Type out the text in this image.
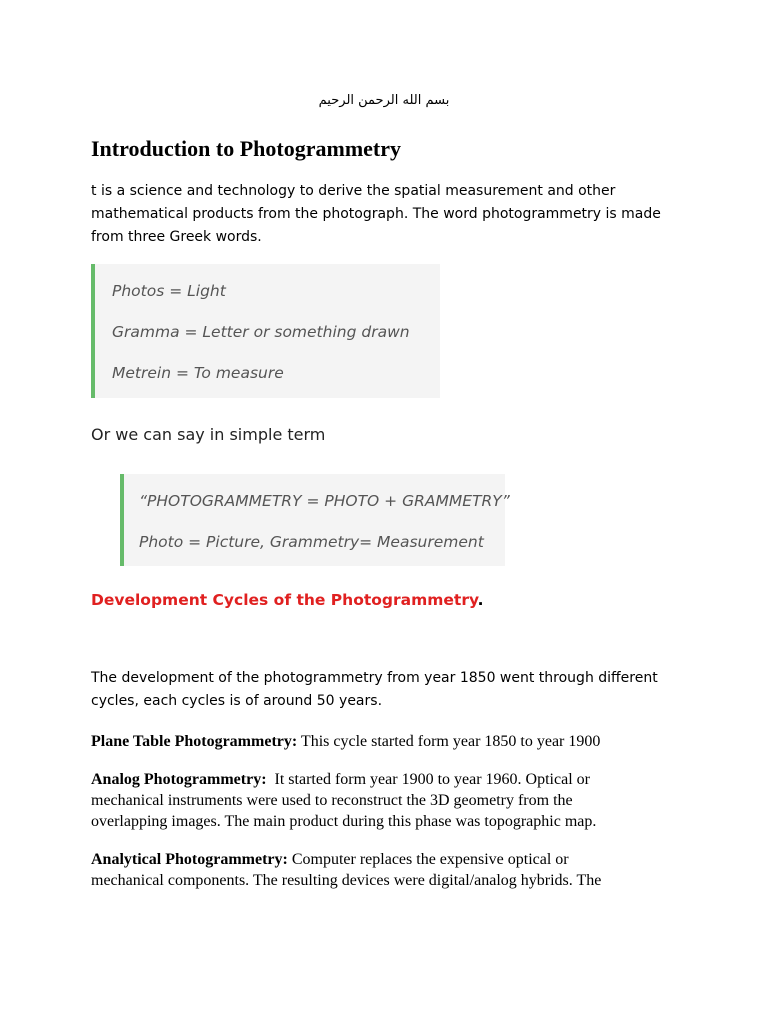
بسم الله الرحمن الرحيم
Introduction to Photogrammetry

t is a science and technology to derive the spatial measurement and other
mathematical products from the photograph. The word photogrammetry is made
from three Greek words.

Photos = Light

Gramma = Letter or something drawn

Metrein = To measure

Or we can say in simple term

“PHOTOGRAMMETRY = PHOTO + GRAMMETRY”

Photo = Picture, Grammetry= Measurement

Development Cycles of the Photogrammetry.

The development of the photogrammetry from year 1850 went through different
cycles, each cycles is of around 50 years.

Plane Table Photogrammetry: This cycle started form year 1850 to year 1900

Analog Photogrammetry:  It started form year 1900 to year 1960. Optical or
mechanical instruments were used to reconstruct the 3D geometry from the
overlapping images. The main product during this phase was topographic map.

Analytical Photogrammetry: Computer replaces the expensive optical or
mechanical components. The resulting devices were digital/analog hybrids. The
